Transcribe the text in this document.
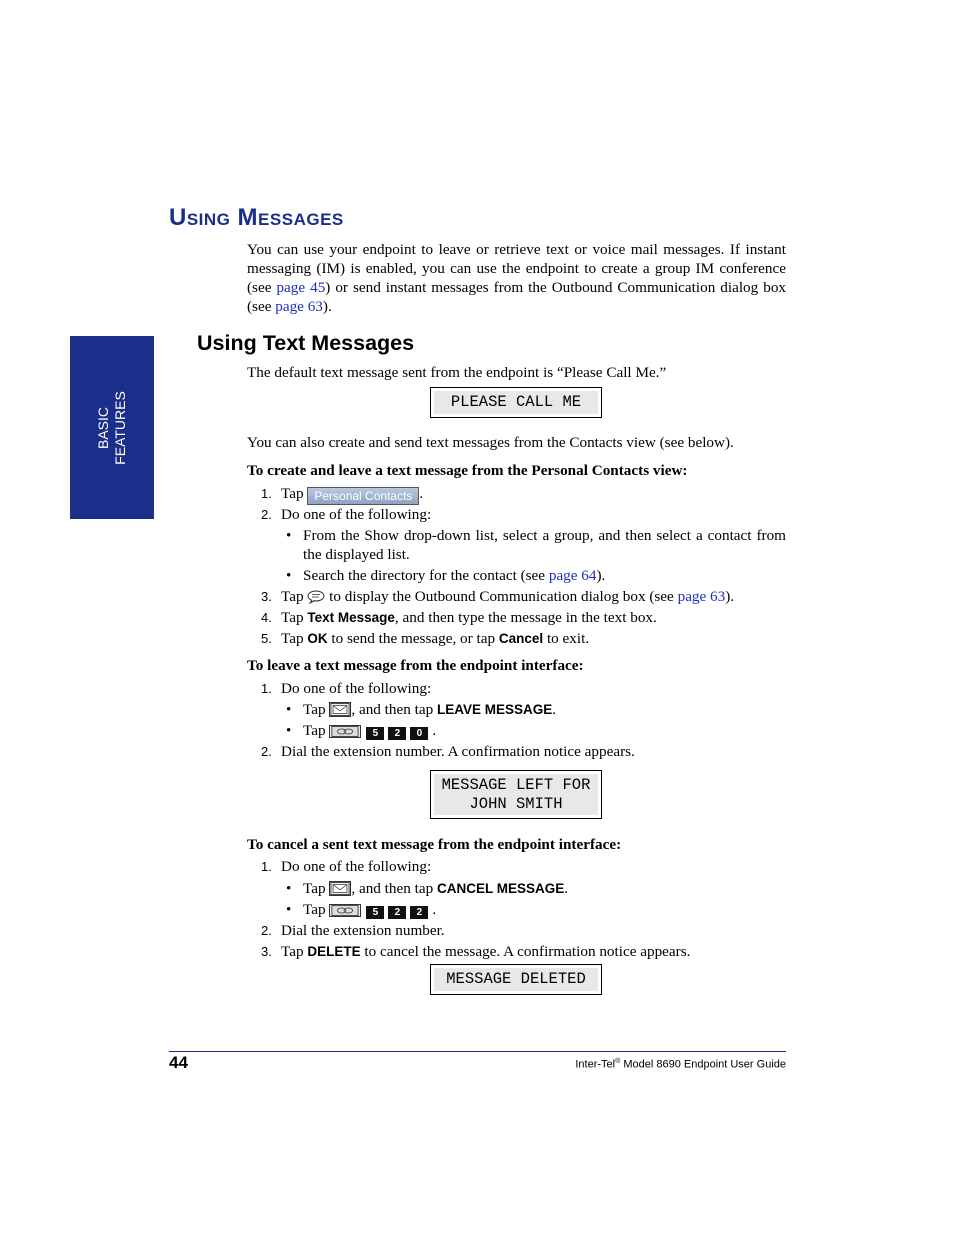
BASIC FEATURES
Using Messages
You can use your endpoint to leave or retrieve text or voice mail messages. If instant messaging (IM) is enabled, you can use the endpoint to create a group IM conference (see page 45) or send instant messages from the Outbound Communication dialog box (see page 63).
Using Text Messages
The default text message sent from the endpoint is “Please Call Me.”
PLEASE CALL ME
You can also create and send text messages from the Contacts view (see below).
To create and leave a text message from the Personal Contacts view:
1. Tap Personal Contacts .
2. Do one of the following:
• From the Show drop-down list, select a group, and then select a contact from the displayed list.
• Search the directory for the contact (see page 64).
3. Tap  to display the Outbound Communication dialog box (see page 63).
4. Tap Text Message, and then type the message in the text box.
5. Tap OK to send the message, or tap Cancel to exit.
To leave a text message from the endpoint interface:
1. Do one of the following:
• Tap , and then tap LEAVE MESSAGE.
• Tap	5 2 0 .
2. Dial the extension number. A confirmation notice appears.
MESSAGE LEFT FOR
JOHN SMITH
To cancel a sent text message from the endpoint interface:
1. Do one of the following:
• Tap , and then tap CANCEL MESSAGE.
• Tap	5 2 2 .
2. Dial the extension number.
3. Tap DELETE to cancel the message. A confirmation notice appears.
MESSAGE DELETED
44	Inter-Tel® Model 8690 Endpoint User Guide
